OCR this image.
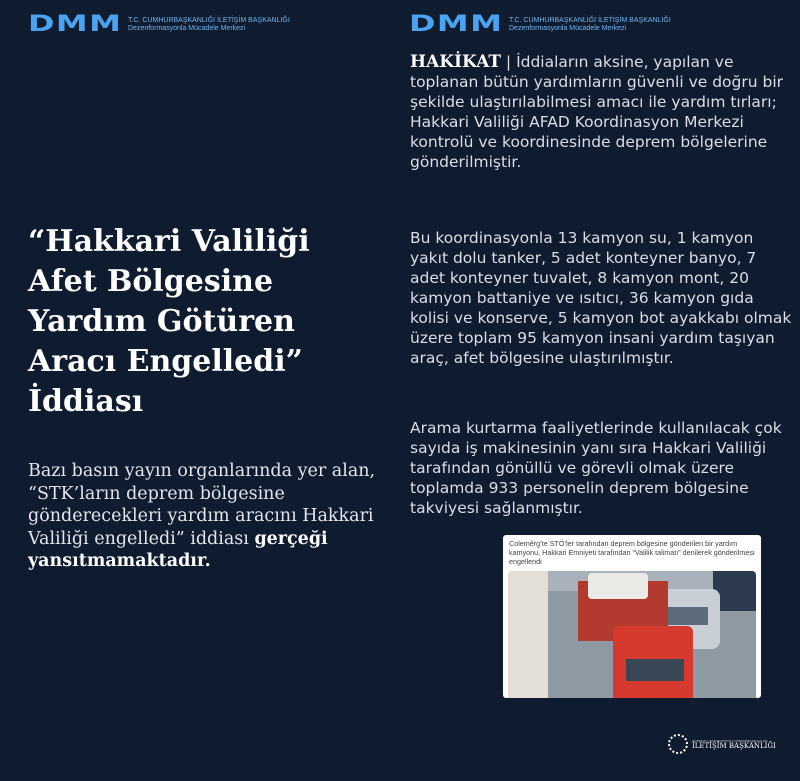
DMM T.C. CUMHURBAŞKANLIĞI İLETİŞİM BAŞKANLIĞI
Dezenformasyonla Mücadele Merkezi
“Hakkari Valiliği Afet Bölgesine Yardım Götüren Aracı Engelledi” İddiası

Bazı basın yayın organlarında yer alan, “STK’ların deprem bölgesine gönderecekleri yardım aracını Hakkari Valiliği engelledi” iddiası gerçeği yansıtmamaktadır.

DMM T.C. CUMHURBAŞKANLIĞI İLETİŞİM BAŞKANLIĞI
Dezenformasyonla Mücadele Merkezi

HAKİKAT | İddiaların aksine, yapılan ve toplanan bütün yardımların güvenli ve doğru bir şekilde ulaştırılabilmesi amacı ile yardım tırları; Hakkari Valiliği AFAD Koordinasyon Merkezi kontrolü ve koordinesinde deprem bölgelerine gönderilmiştir.

Bu koordinasyonla 13 kamyon su, 1 kamyon yakıt dolu tanker, 5 adet konteyner banyo, 7 adet konteyner tuvalet, 8 kamyon mont, 20 kamyon battaniye ve ısıtıcı, 36 kamyon gıda kolisi ve konserve, 5 kamyon bot ayakkabı olmak üzere toplam 95 kamyon insani yardım taşıyan araç, afet bölgesine ulaştırılmıştır.

Arama kurtarma faaliyetlerinde kullanılacak çok sayıda iş makinesinin yanı sıra Hakkari Valiliği tarafından gönüllü ve görevli olmak üzere toplamda 933 personelin deprem bölgesine takviyesi sağlanmıştır.

Colemêrg’te STÖ’ler tarafından deprem bölgesine gönderilen bir yardım kamyonu, Hakkari Emniyeti tarafından “Valilik talimatı” denilerek gönderilmesi engellendi
TÜRKİYE CUMHURİYETİ CUMHURBAŞKANLIĞI
İLETİŞİM BAŞKANLIĞI
